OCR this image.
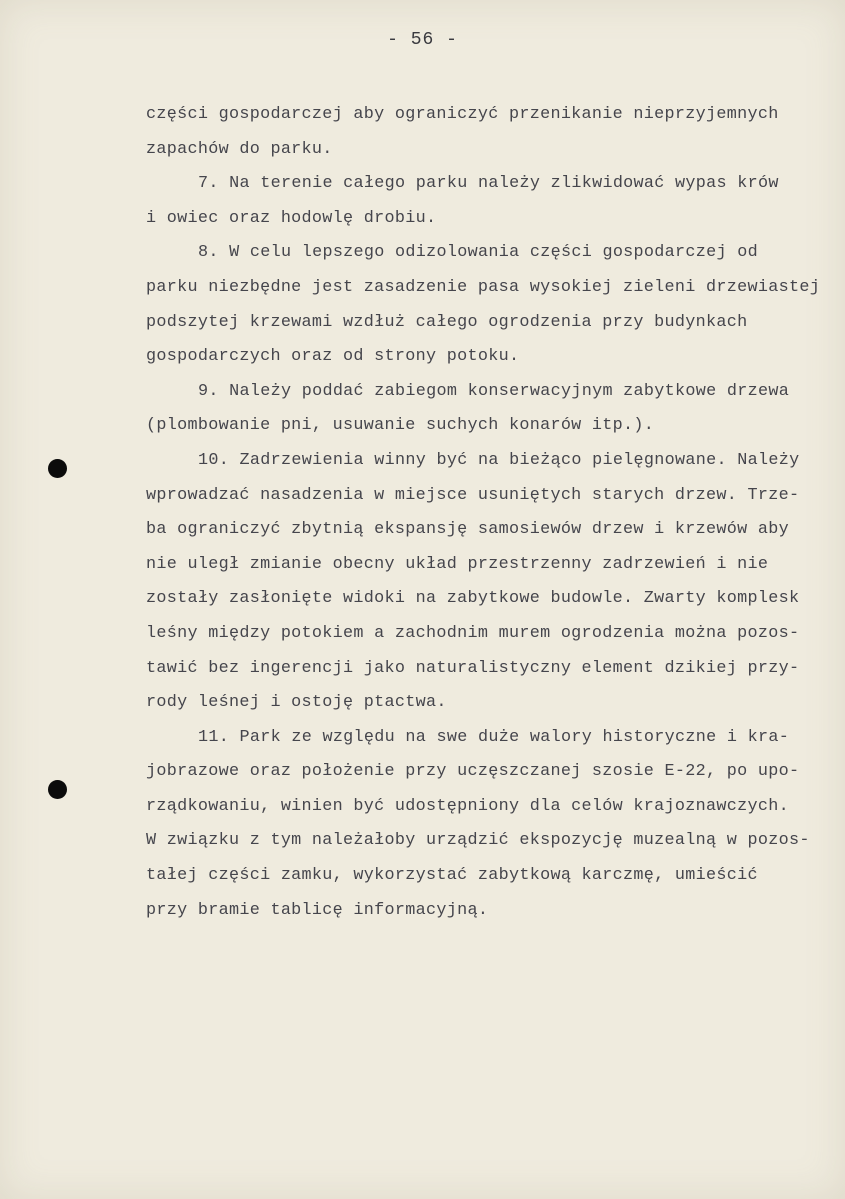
- 56 -
części gospodarczej aby ograniczyć przenikanie nieprzyjemnych
zapachów do parku.
7. Na terenie całego parku należy zlikwidować wypas krów
i owiec oraz hodowlę drobiu.
8. W celu lepszego odizolowania części gospodarczej od
parku niezbędne jest zasadzenie pasa wysokiej zieleni drzewiastej
podszytej krzewami wzdłuż całego ogrodzenia przy budynkach
gospodarczych oraz od strony potoku.
9. Należy poddać zabiegom konserwacyjnym zabytkowe drzewa
(plombowanie pni, usuwanie suchych konarów itp.).
10. Zadrzewienia winny być na bieżąco pielęgnowane. Należy
wprowadzać nasadzenia w miejsce usuniętych starych drzew. Trze-
ba ograniczyć zbytnią ekspansję samosiewów drzew i krzewów aby
nie uległ zmianie obecny układ przestrzenny zadrzewień i nie
zostały zasłonięte widoki na zabytkowe budowle. Zwarty komplesk
leśny między potokiem a zachodnim murem ogrodzenia można pozos-
tawić bez ingerencji jako naturalistyczny element dzikiej przy-
rody leśnej i ostoję ptactwa.
11. Park ze względu na swe duże walory historyczne i kra-
jobrazowe oraz położenie przy uczęszczanej szosie E-22, po upo-
rządkowaniu, winien być udostępniony dla celów krajoznawczych.
W związku z tym należałoby urządzić ekspozycję muzealną w pozos-
tałej części zamku, wykorzystać zabytkową karczmę, umieścić
przy bramie tablicę informacyjną.
